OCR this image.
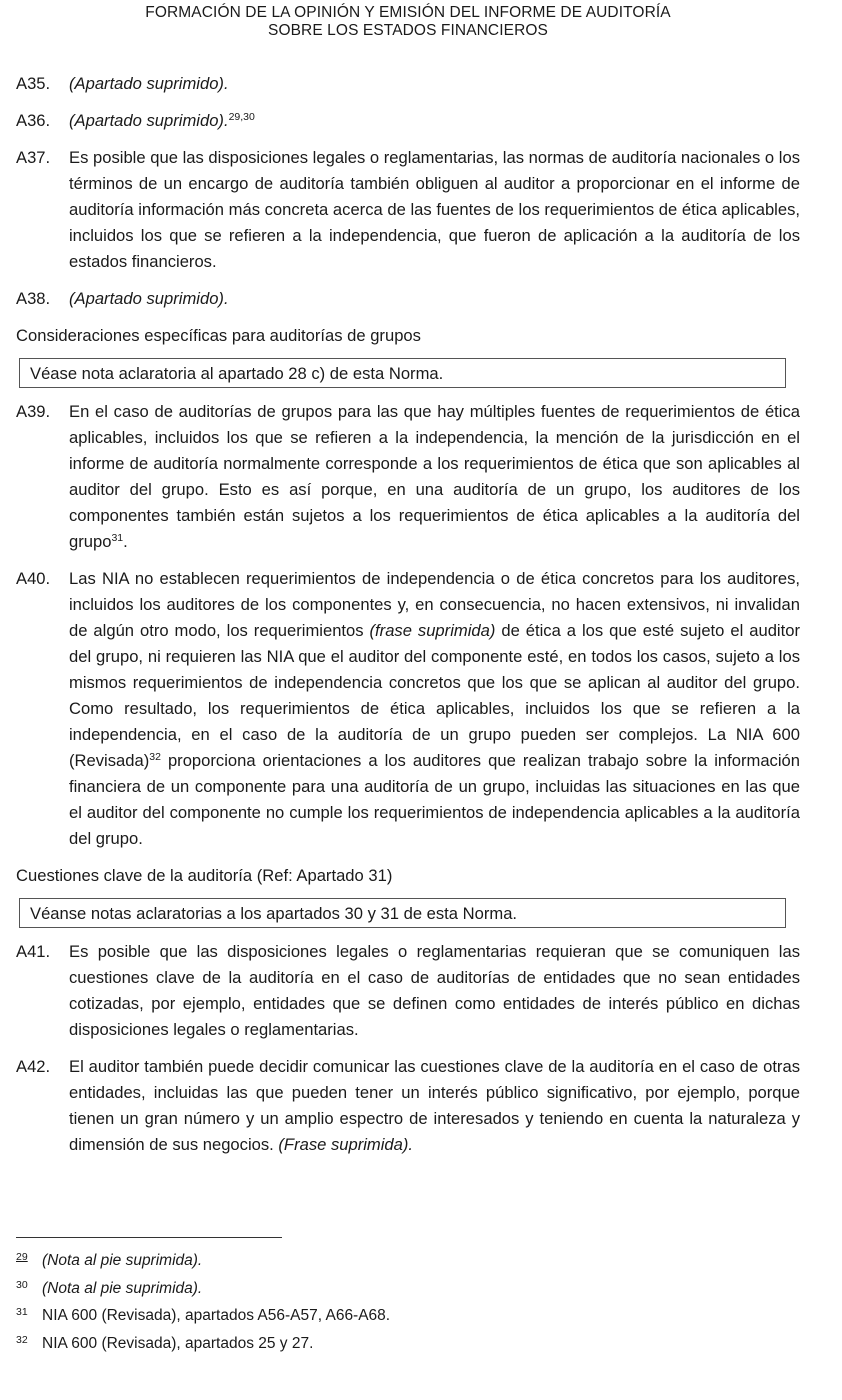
FORMACIÓN DE LA OPINIÓN Y EMISIÓN DEL INFORME DE AUDITORÍA
SOBRE LOS ESTADOS FINANCIEROS
A35.	(Apartado suprimido).
A36.	(Apartado suprimido).$^{29,30}$
A37.	Es posible que las disposiciones legales o reglamentarias, las normas de auditoría nacionales o los términos de un encargo de auditoría también obliguen al auditor a proporcionar en el informe de auditoría información más concreta acerca de las fuentes de los requerimientos de ética aplicables, incluidos los que se refieren a la independencia, que fueron de aplicación a la auditoría de los estados financieros.
A38.	(Apartado suprimido).
Consideraciones específicas para auditorías de grupos
Véase nota aclaratoria al apartado 28 c) de esta Norma.
A39.	En el caso de auditorías de grupos para las que hay múltiples fuentes de requerimientos de ética aplicables, incluidos los que se refieren a la independencia, la mención de la jurisdicción en el informe de auditoría normalmente corresponde a los requerimientos de ética que son aplicables al auditor del grupo. Esto es así porque, en una auditoría de un grupo, los auditores de los componentes también están sujetos a los requerimientos de ética aplicables a la auditoría del grupo$^{31}$.
A40.	Las NIA no establecen requerimientos de independencia o de ética concretos para los auditores, incluidos los auditores de los componentes y, en consecuencia, no hacen extensivos, ni invalidan de algún otro modo, los requerimientos (frase suprimida) de ética a los que esté sujeto el auditor del grupo, ni requieren las NIA que el auditor del componente esté, en todos los casos, sujeto a los mismos requerimientos de independencia concretos que los que se aplican al auditor del grupo. Como resultado, los requerimientos de ética aplicables, incluidos los que se refieren a la independencia, en el caso de la auditoría de un grupo pueden ser complejos. La NIA 600 (Revisada)$^{32}$ proporciona orientaciones a los auditores que realizan trabajo sobre la información financiera de un componente para una auditoría de un grupo, incluidas las situaciones en las que el auditor del componente no cumple los requerimientos de independencia aplicables a la auditoría del grupo.
Cuestiones clave de la auditoría (Ref: Apartado 31)
Véanse notas aclaratorias a los apartados 30 y 31 de esta Norma.
A41.	Es posible que las disposiciones legales o reglamentarias requieran que se comuniquen las cuestiones clave de la auditoría en el caso de auditorías de entidades que no sean entidades cotizadas, por ejemplo, entidades que se definen como entidades de interés público en dichas disposiciones legales o reglamentarias.
A42.	El auditor también puede decidir comunicar las cuestiones clave de la auditoría en el caso de otras entidades, incluidas las que pueden tener un interés público significativo, por ejemplo, porque tienen un gran número y un amplio espectro de interesados y teniendo en cuenta la naturaleza y dimensión de sus negocios. (Frase suprimida).
29 (Nota al pie suprimida).
30 (Nota al pie suprimida).
31 NIA 600 (Revisada), apartados A56-A57, A66-A68.
32 NIA 600 (Revisada), apartados 25 y 27.
